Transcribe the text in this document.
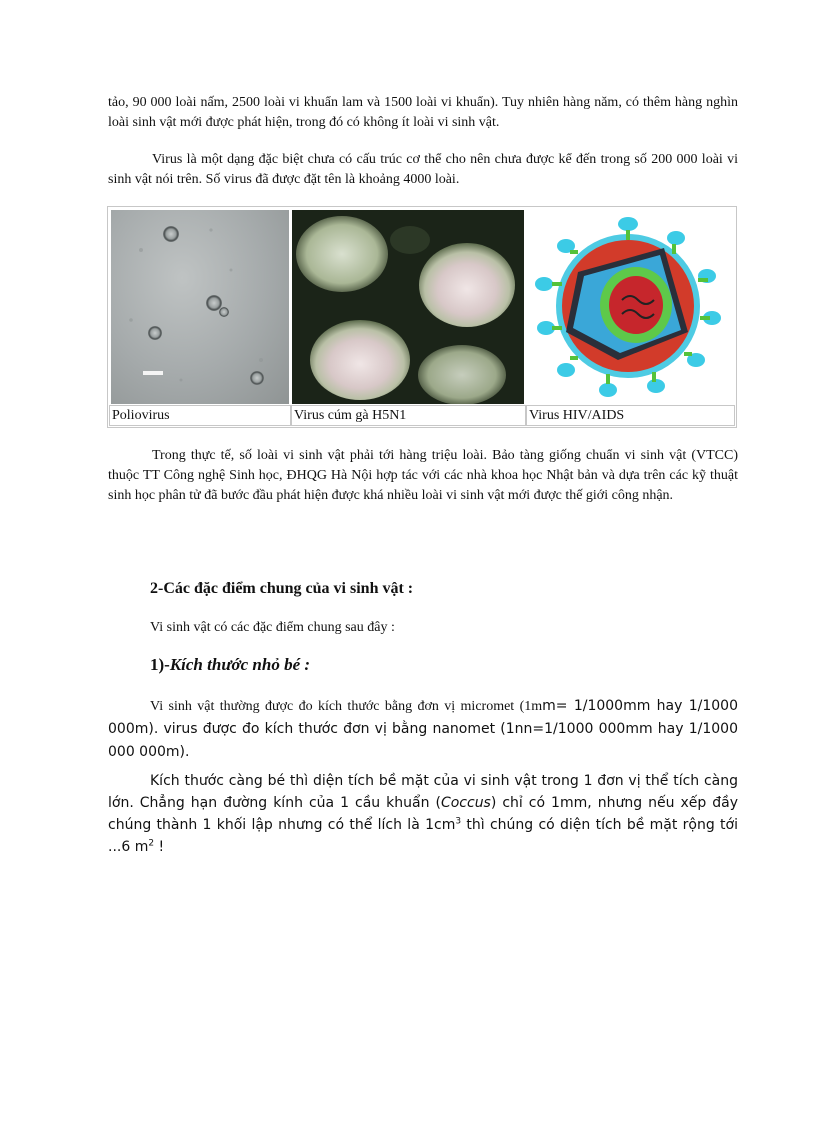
tảo, 90 000 loài nấm, 2500 loài vi khuẩn lam và 1500 loài vi khuẩn). Tuy nhiên hàng năm, có thêm hàng nghìn loài sinh vật mới được phát hiện, trong đó có không ít loài vi sinh vật.

Virus là một dạng đặc biệt chưa có cấu trúc cơ thể cho nên chưa được kể đến trong số 200 000 loài vi sinh vật nói trên. Số virus đã được đặt tên là khoảng 4000 loài.

Poliovirus	Virus cúm gà H5N1	Virus HIV/AIDS

Trong thực tế, số loài vi sinh vật phải tới hàng triệu loài. Bảo tàng giống chuẩn vi sinh vật (VTCC) thuộc TT Công nghệ Sinh học, ĐHQG Hà Nội hợp tác với các nhà khoa học Nhật bản và dựa trên các kỹ thuật sinh học phân tử đã bước đầu phát hiện được khá nhiều loài vi sinh vật mới được thế giới công nhận.

2-Các đặc điểm chung của vi sinh vật :
Vi sinh vật có các đặc điểm chung sau đây :
1)-Kích thước nhỏ bé :

Vi sinh vật thường được đo kích thước bằng đơn vị micromet (1mm= 1/1000mm hay 1/1000 000m). virus được đo kích thước đơn vị bằng nanomet (1nn=1/1000 000mm hay 1/1000 000 000m).

Kích thước càng bé thì diện tích bề mặt của vi sinh vật trong 1 đơn vị thể tích càng lớn. Chẳng hạn đường kính của 1 cầu khuẩn (Coccus) chỉ có 1mm, nhưng nếu xếp đầy chúng thành 1 khối lập nhưng có thể lích là $1cm^3$ thì chúng có diện tích bề mặt rộng tới ...6 $m^2$ !
